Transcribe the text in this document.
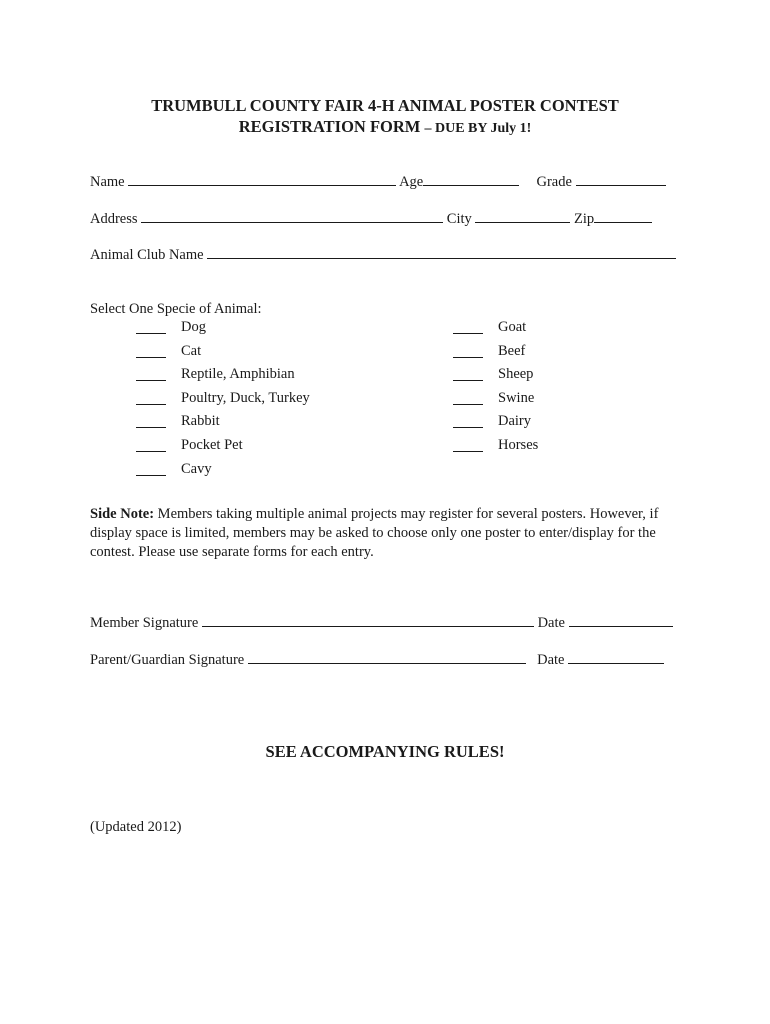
TRUMBULL COUNTY FAIR 4-H ANIMAL POSTER CONTEST
REGISTRATION FORM – DUE BY July 1!
Name	Age	Grade
Address	City	Zip
Animal Club Name
Select One Specie of Animal:
Dog
Cat
Reptile, Amphibian
Poultry, Duck, Turkey
Rabbit
Pocket Pet
Cavy
Goat
Beef
Sheep
Swine
Dairy
Horses
Side Note: Members taking multiple animal projects may register for several posters. However, if display space is limited, members may be asked to choose only one poster to enter/display for the contest. Please use separate forms for each entry.
Member Signature	Date
Parent/Guardian Signature	Date
SEE ACCOMPANYING RULES!
(Updated 2012)
